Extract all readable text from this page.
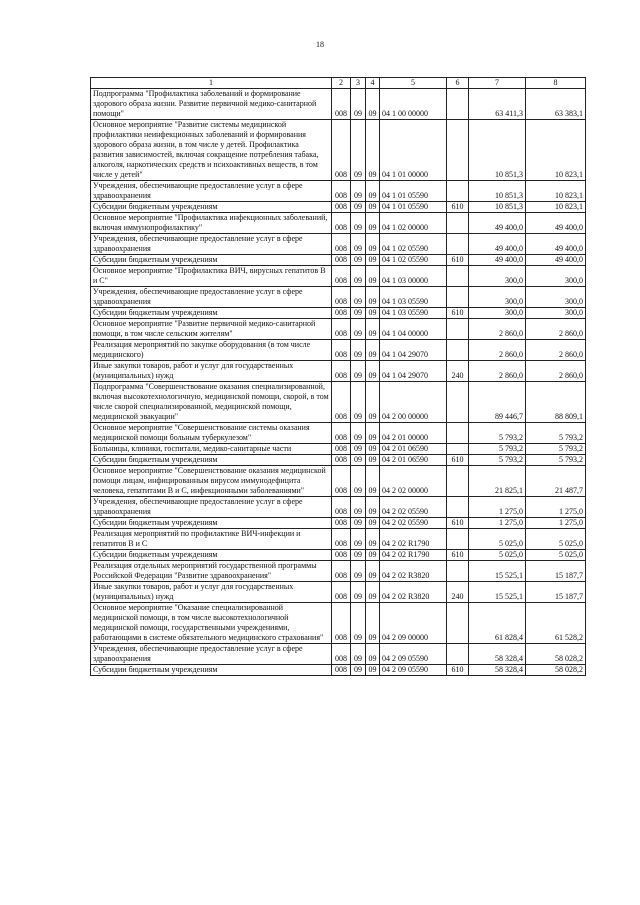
18
1	2	3	4	5	6	7	8
Подпрограмма "Профилактика заболеваний и формирование здорового образа жизни. Развитие первичной медико-санитарной помощи"	008	09	09	04 1 00 00000		63 411,3	63 383,1
Основное мероприятие "Развитие системы медицинской профилактики неинфекционных заболеваний и формирования здорового образа жизни, в том числе у детей. Профилактика развития зависимостей, включая сокращение потребления табака, алкоголя, наркотических средств и психоактивных веществ, в том числе у детей"	008	09	09	04 1 01 00000		10 851,3	10 823,1
Учреждения, обеспечивающие предоставление услуг в сфере здравоохранения	008	09	09	04 1 01 05590		10 851,3	10 823,1
Субсидии бюджетным учреждениям	008	09	09	04 1 01 05590	610	10 851,3	10 823,1
Основное мероприятие "Профилактика инфекционных заболеваний, включая иммунопрофилактику"	008	09	09	04 1 02 00000		49 400,0	49 400,0
Учреждения, обеспечивающие предоставление услуг в сфере здравоохранения	008	09	09	04 1 02 05590		49 400,0	49 400,0
Субсидии бюджетным учреждениям	008	09	09	04 1 02 05590	610	49 400,0	49 400,0
Основное мероприятие "Профилактика ВИЧ, вирусных гепатитов В и С"	008	09	09	04 1 03 00000		300,0	300,0
Учреждения, обеспечивающие предоставление услуг в сфере здравоохранения	008	09	09	04 1 03 05590		300,0	300,0
Субсидии бюджетным учреждениям	008	09	09	04 1 03 05590	610	300,0	300,0
Основное мероприятие "Развитие первичной медико-санитарной помощи, в том числе сельским жителям"	008	09	09	04 1 04 00000		2 860,0	2 860,0
Реализация мероприятий по закупке оборудования (в том числе медицинского)	008	09	09	04 1 04 29070		2 860,0	2 860,0
Иные закупки товаров, работ и услуг для государственных (муниципальных) нужд	008	09	09	04 1 04 29070	240	2 860,0	2 860,0
Подпрограмма "Совершенствование оказания специализированной, включая высокотехнологичную, медицинской помощи, скорой, в том числе скорой специализированной, медицинской помощи, медицинской эвакуации"	008	09	09	04 2 00 00000		89 446,7	88 809,1
Основное мероприятие "Совершенствование системы оказания медицинской помощи больным туберкулезом"	008	09	09	04 2 01 00000		5 793,2	5 793,2
Больницы, клиники, госпитали, медико-санитарные части	008	09	09	04 2 01 06590		5 793,2	5 793,2
Субсидии бюджетным учреждениям	008	09	09	04 2 01 06590	610	5 793,2	5 793,2
Основное мероприятие "Совершенствование оказания медицинской помощи лицам, инфицированным вирусом иммунодефицита человека, гепатитами В и С, инфекционными заболеваниями"	008	09	09	04 2 02 00000		21 825,1	21 487,7
Учреждения, обеспечивающие предоставление услуг в сфере здравоохранения	008	09	09	04 2 02 05590		1 275,0	1 275,0
Субсидии бюджетным учреждениям	008	09	09	04 2 02 05590	610	1 275,0	1 275,0
Реализация мероприятий по профилактике ВИЧ-инфекции и гепатитов В и С	008	09	09	04 2 02 R1790		5 025,0	5 025,0
Субсидии бюджетным учреждениям	008	09	09	04 2 02 R1790	610	5 025,0	5 025,0
Реализация отдельных мероприятий государственной программы Российской Федерации "Развитие здравоохранения"	008	09	09	04 2 02 R3820		15 525,1	15 187,7
Иные закупки товаров, работ и услуг для государственных (муниципальных) нужд	008	09	09	04 2 02 R3820	240	15 525,1	15 187,7
Основное мероприятие "Оказание специализированной медицинской помощи, в том числе высокотехнологичной медицинской помощи, государственными учреждениями, работающими в системе обязательного медицинского страхования"	008	09	09	04 2 09 00000		61 828,4	61 528,2
Учреждения, обеспечивающие предоставление услуг в сфере здравоохранения	008	09	09	04 2 09 05590		58 328,4	58 028,2
Субсидии бюджетным учреждениям	008	09	09	04 2 09 05590	610	58 328,4	58 028,2
